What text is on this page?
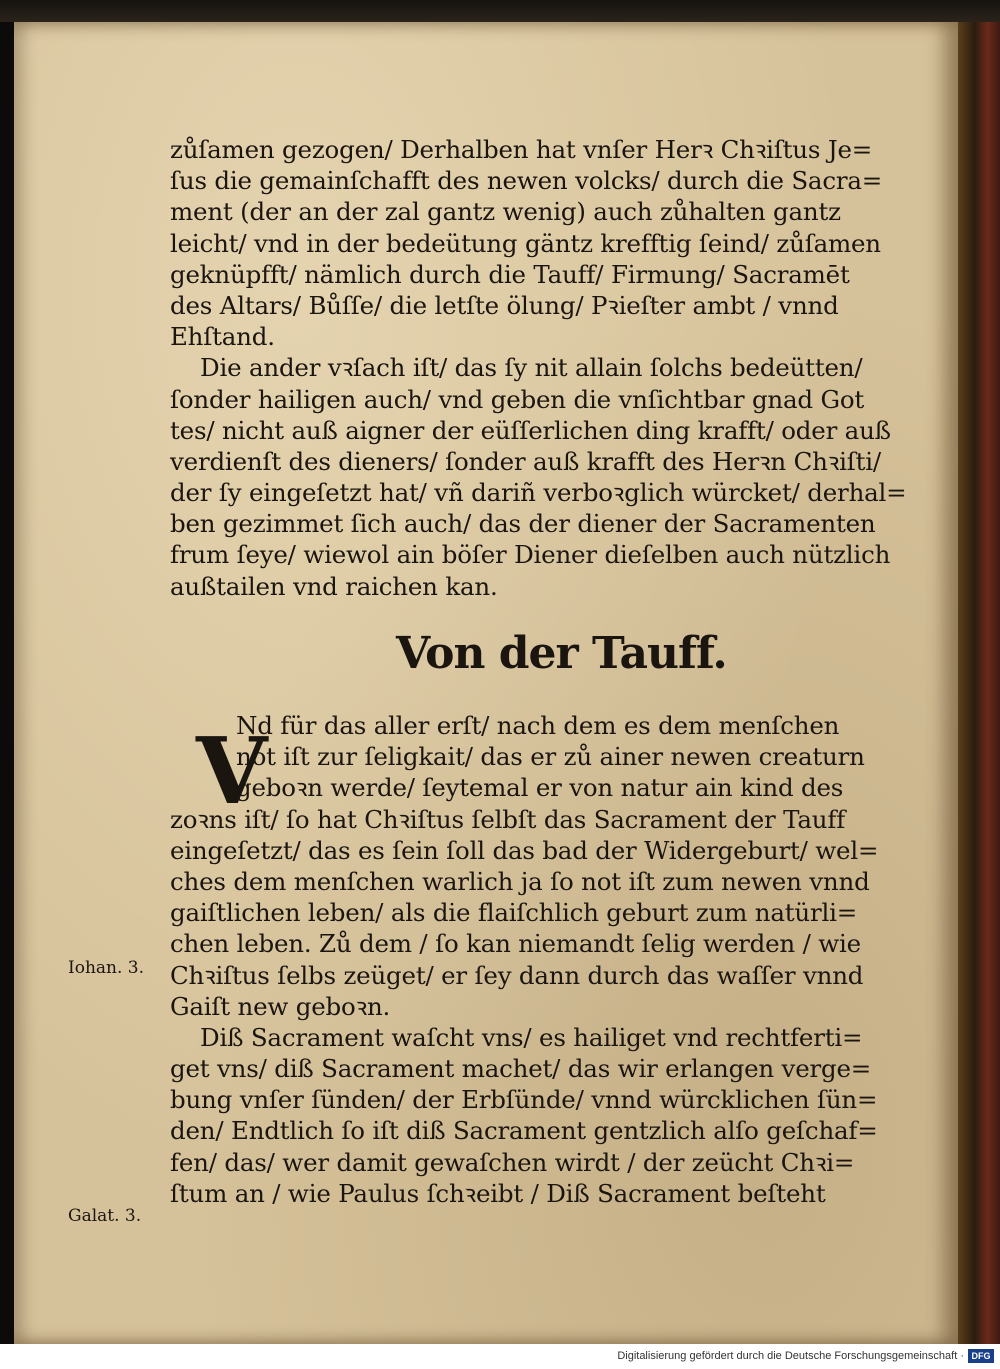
zůſamen gezogen/ Derhalben hat vnſer Herꝛ Chꝛiſtus Je=
ſus die gemainſchafft des newen volcks/ durch die Sacra=
ment (der an der zal gantz wenig) auch zůhalten gantz
leicht/ vnd in der bedeütung gäntz krefftig ſeind/ zůſamen
geknüpfft/ nämlich durch die Tauff/ Firmung/ Sacramēt
des Altars/ Bůſſe/ die letſte ölung/ Pꝛieſter ambt / vnnd
Ehſtand.
Die ander vꝛſach iſt/ das ſy nit allain ſolchs bedeütten/
ſonder hailigen auch/ vnd geben die vnſichtbar gnad Got
tes/ nicht auß aigner der eüſſerlichen ding krafft/ oder auß
verdienſt des dieners/ ſonder auß krafft des Herꝛn Chꝛiſti/
der ſy eingeſetzt hat/ vñ dariñ verboꝛglich würcket/ derhal=
ben gezimmet ſich auch/ das der diener der Sacramenten
frum ſeye/ wiewol ain böſer Diener dieſelben auch nützlich
außtailen vnd raichen kan.
Von der Tauff.
V
Nd für das aller erſt/ nach dem es dem menſchen
not iſt zur ſeligkait/ das er zů ainer newen creaturn
geboꝛn werde/ ſeytemal er von natur ain kind des
zoꝛns iſt/ ſo hat Chꝛiſtus ſelbſt das Sacrament der Tauff
eingeſetzt/ das es ſein ſoll das bad der Widergeburt/ wel=
ches dem menſchen warlich ja ſo not iſt zum newen vnnd
gaiſtlichen leben/ als die flaiſchlich geburt zum natürli=
chen leben. Zů dem / ſo kan niemandt ſelig werden / wie
Chꝛiſtus ſelbs zeüget/ er ſey dann durch das waſſer vnnd
Gaiſt new geboꝛn.
Diß Sacrament waſcht vns/ es hailiget vnd rechtferti=
get vns/ diß Sacrament machet/ das wir erlangen verge=
bung vnſer ſünden/ der Erbſünde/ vnnd würcklichen ſün=
den/ Endtlich ſo iſt diß Sacrament gentzlich alſo geſchaf=
fen/ das/ wer damit gewaſchen wirdt / der zeücht Chꝛi=
ſtum an / wie Paulus ſchꝛeibt / Diß Sacrament beſteht
Iohan. 3.
Galat. 3.
Digitalisierung gefördert durch die Deutsche Forschungsgemeinschaft · DFG
